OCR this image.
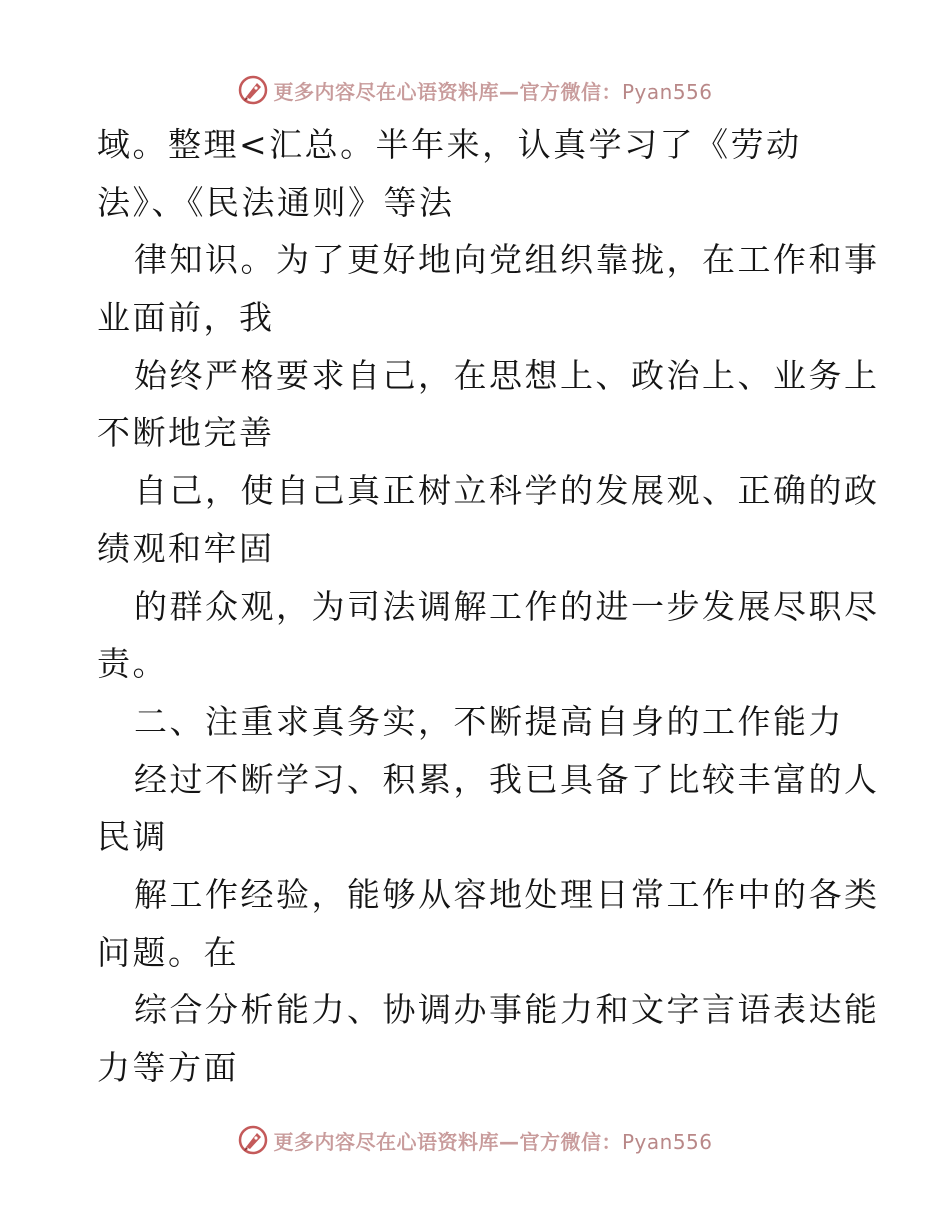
更多内容尽在心语资料库—官方微信：Pyan556
域。整理<汇总。半年来，认真学习了《劳动
法》、《民法通则》等法
律知识。为了更好地向党组织靠拢，在工作和事
业面前，我
始终严格要求自己，在思想上、政治上、业务上
不断地完善
自己，使自己真正树立科学的发展观、正确的政
绩观和牢固
的群众观，为司法调解工作的进一步发展尽职尽
责。
二、注重求真务实，不断提高自身的工作能力
经过不断学习、积累，我已具备了比较丰富的人
民调
解工作经验，能够从容地处理日常工作中的各类
问题。在
综合分析能力、协调办事能力和文字言语表达能
力等方面
更多内容尽在心语资料库—官方微信：Pyan556
